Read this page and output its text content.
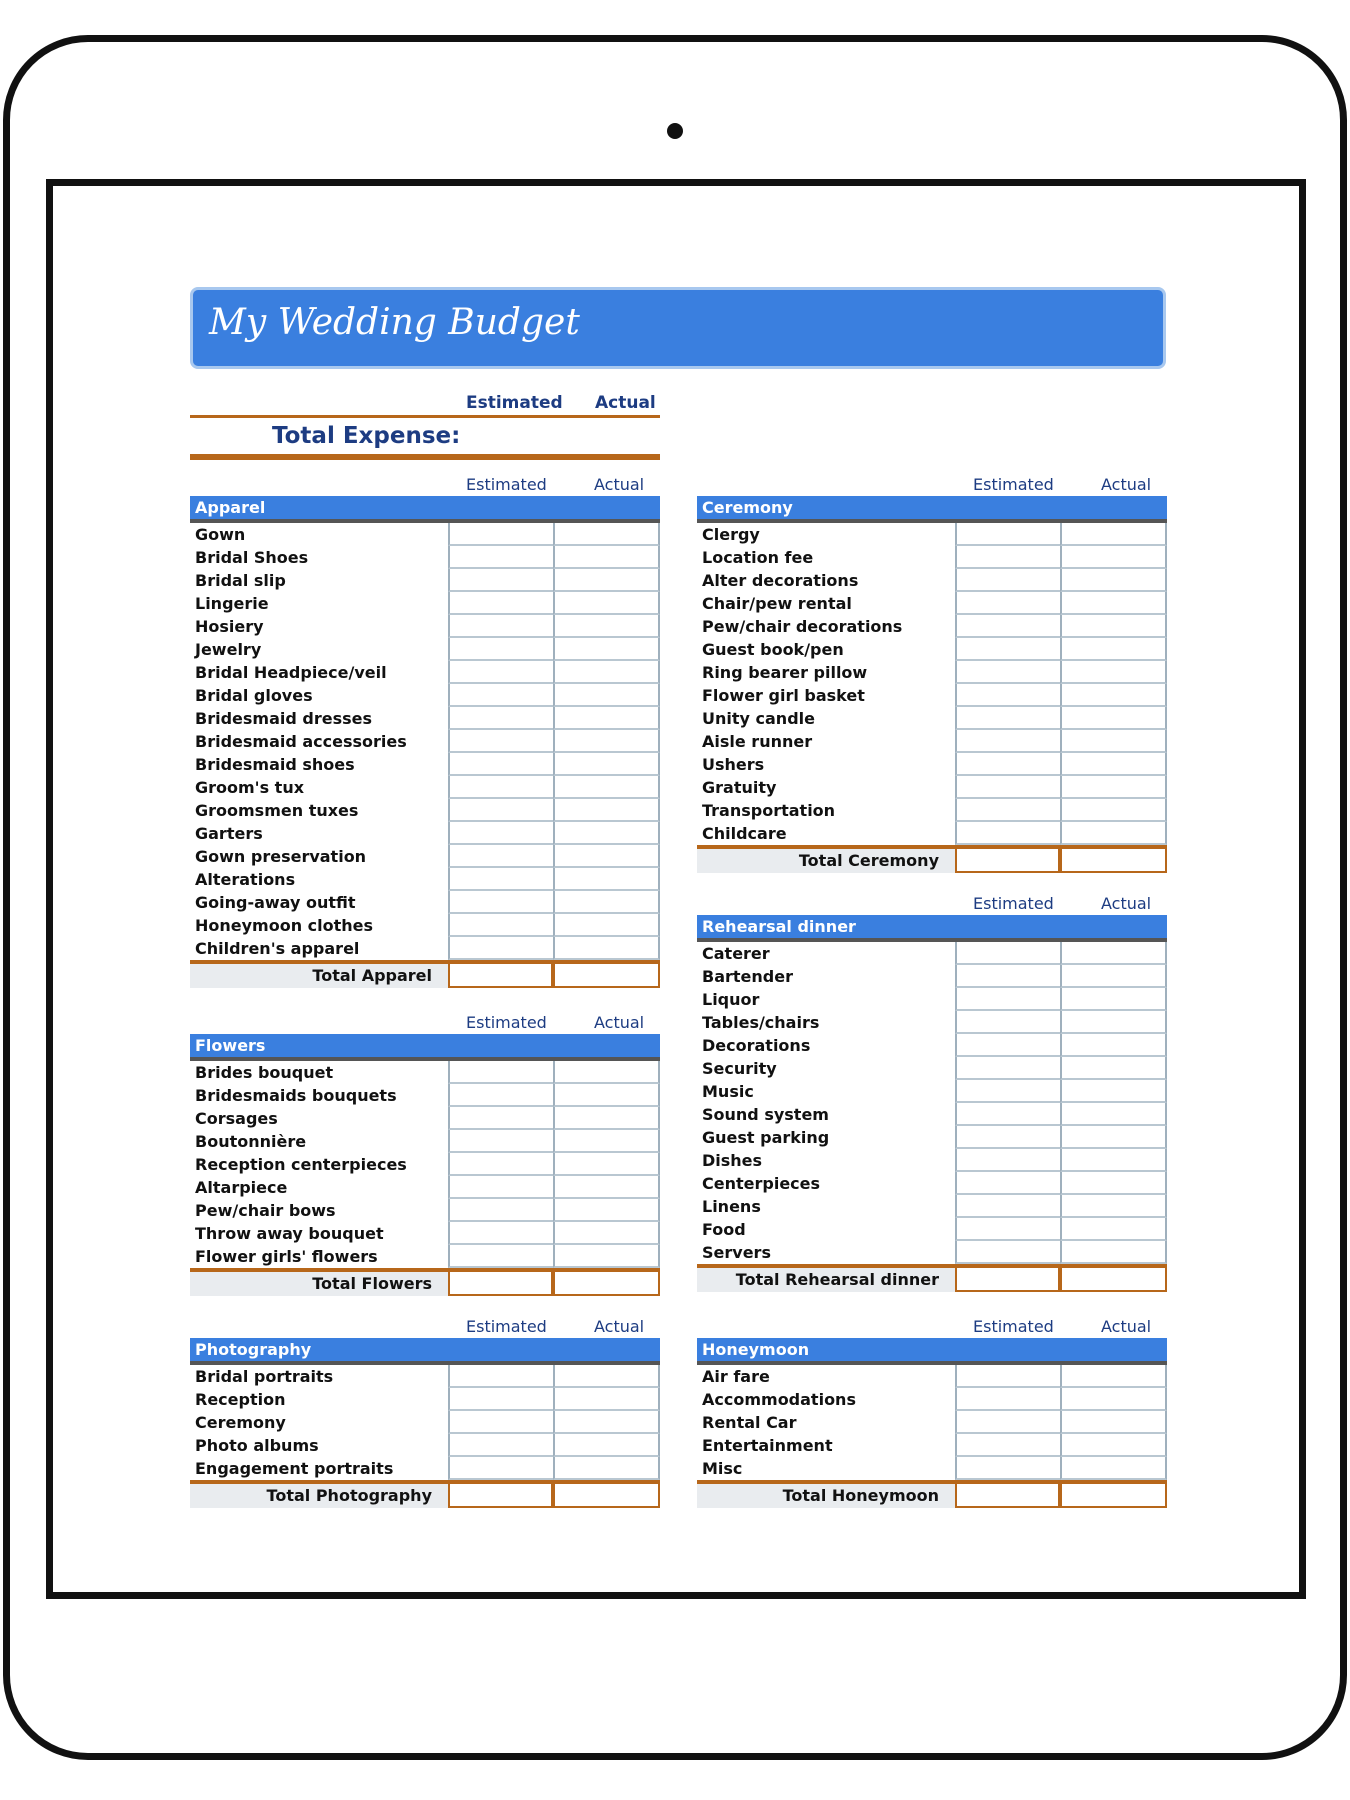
My Wedding Budget
Estimated Actual
Total Expense:
Estimated	Actual
Apparel
Gown
Bridal Shoes
Bridal slip
Lingerie
Hosiery
Jewelry
Bridal Headpiece/veil
Bridal gloves
Bridesmaid dresses
Bridesmaid accessories
Bridesmaid shoes
Groom's tux
Groomsmen tuxes
Garters
Gown preservation
Alterations
Going-away outfit
Honeymoon clothes
Children's apparel
Total Apparel
Estimated	Actual
Ceremony
Clergy
Location fee
Alter decorations
Chair/pew rental
Pew/chair decorations
Guest book/pen
Ring bearer pillow
Flower girl basket
Unity candle
Aisle runner
Ushers
Gratuity
Transportation
Childcare
Total Ceremony
Estimated	Actual
Rehearsal dinner
Caterer
Bartender
Liquor
Tables/chairs
Decorations
Security
Music
Sound system
Guest parking
Dishes
Centerpieces
Linens
Food
Servers
Total Rehearsal dinner
Estimated	Actual
Flowers
Brides bouquet
Bridesmaids bouquets
Corsages
Boutonnière
Reception centerpieces
Altarpiece
Pew/chair bows
Throw away bouquet
Flower girls' flowers
Total Flowers
Estimated	Actual
Photography
Bridal portraits
Reception
Ceremony
Photo albums
Engagement portraits
Total Photography
Estimated	Actual
Honeymoon
Air fare
Accommodations
Rental Car
Entertainment
Misc
Total Honeymoon
